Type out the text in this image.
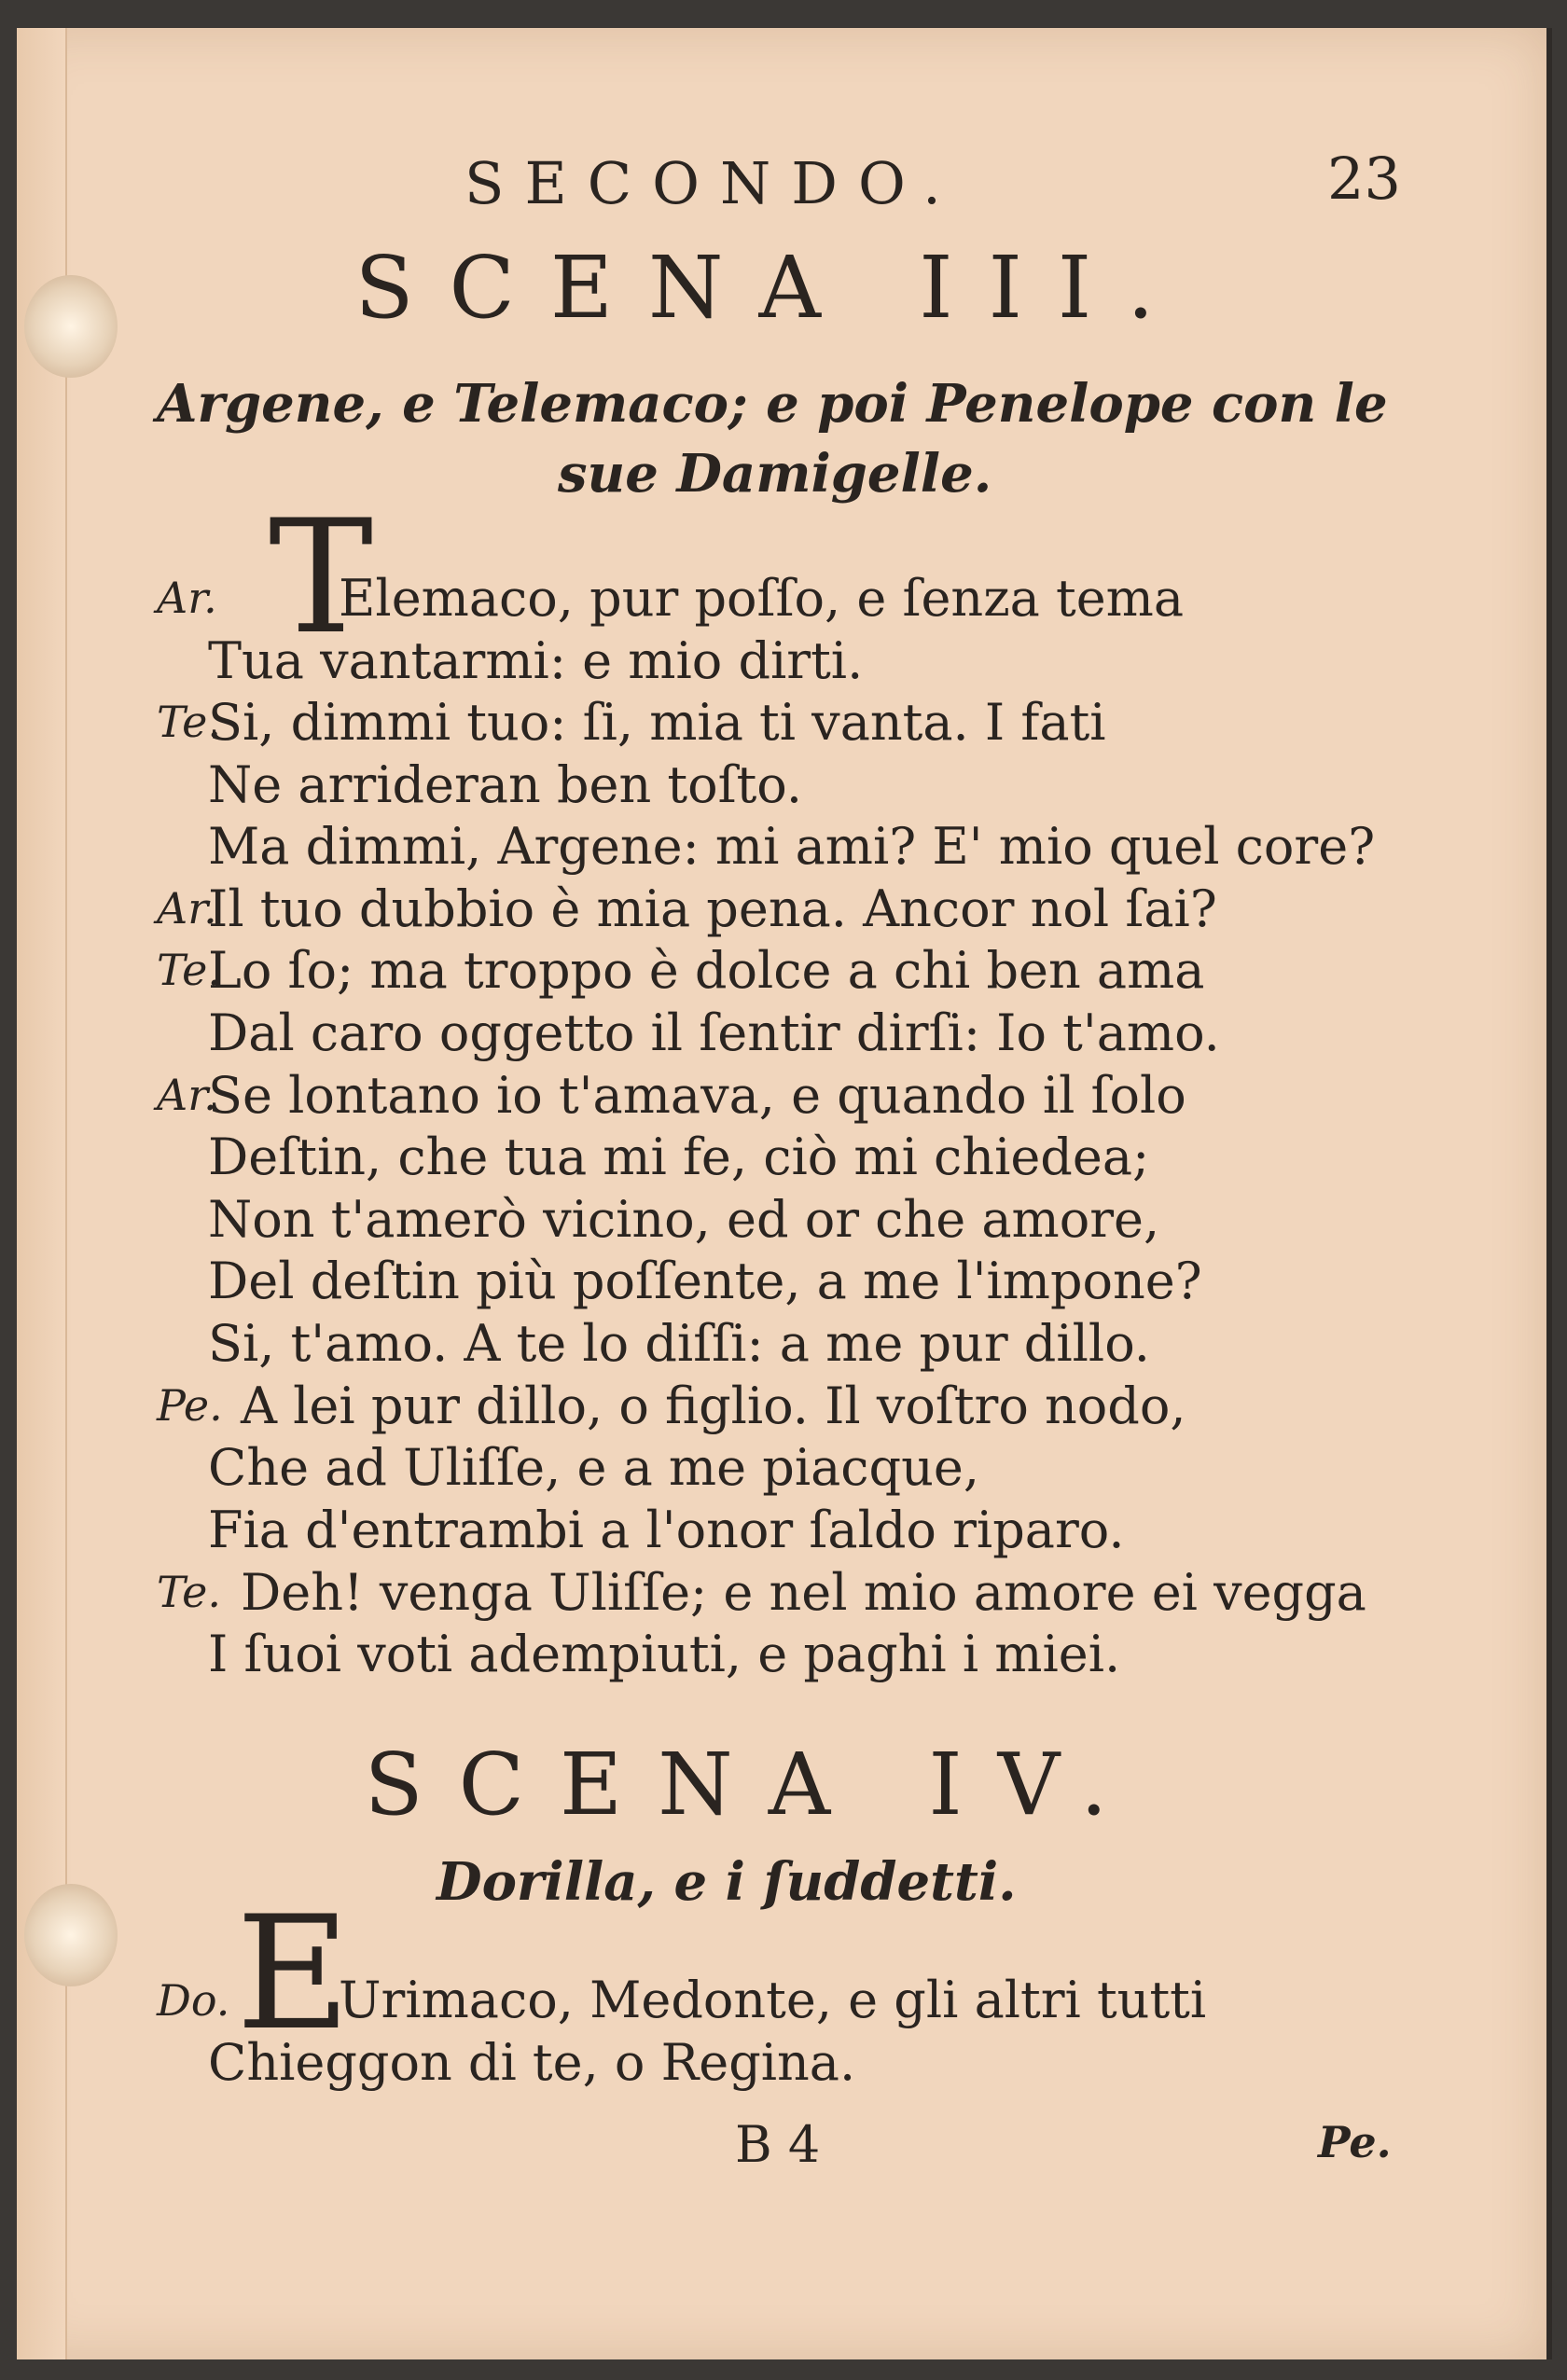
SECONDO.	23
SCENA III.
Argene, e Telemaco; e poi Penelope con le
sue Damigelle.
T
Ar.
Te.
Ar.
Te.
Ar.
Pe.
Te.
Elemaco, pur poſſo, e ſenza tema
Tua vantarmi: e mio dirti.
Si, dimmi tuo: ſi, mia ti vanta. I fati
Ne arrideran ben toſto.
Ma dimmi, Argene: mi ami? E' mio quel core?
Il tuo dubbio è mia pena. Ancor nol ſai?
Lo ſo; ma troppo è dolce a chi ben ama
Dal caro oggetto il ſentir dirſi: Io t'amo.
Se lontano io t'amava, e quando il ſolo
Deſtin, che tua mi fe, ciò mi chiedea;
Non t'amerò vicino, ed or che amore,
Del deſtin più poſſente, a me l'impone?
Si, t'amo. A te lo diſſi: a me pur dillo.
A lei pur dillo, o figlio. Il voſtro nodo,
Che ad Uliſſe, e a me piacque,
Fia d'entrambi a l'onor ſaldo riparo.
Deh! venga Uliſſe; e nel mio amore ei vegga
I ſuoi voti adempiuti, e paghi i miei.
SCENA IV.
Dorilla, e i ſuddetti.
E
Do. Urimaco, Medonte, e gli altri tutti
Chieggon di te, o Regina.
B 4	Pe.
